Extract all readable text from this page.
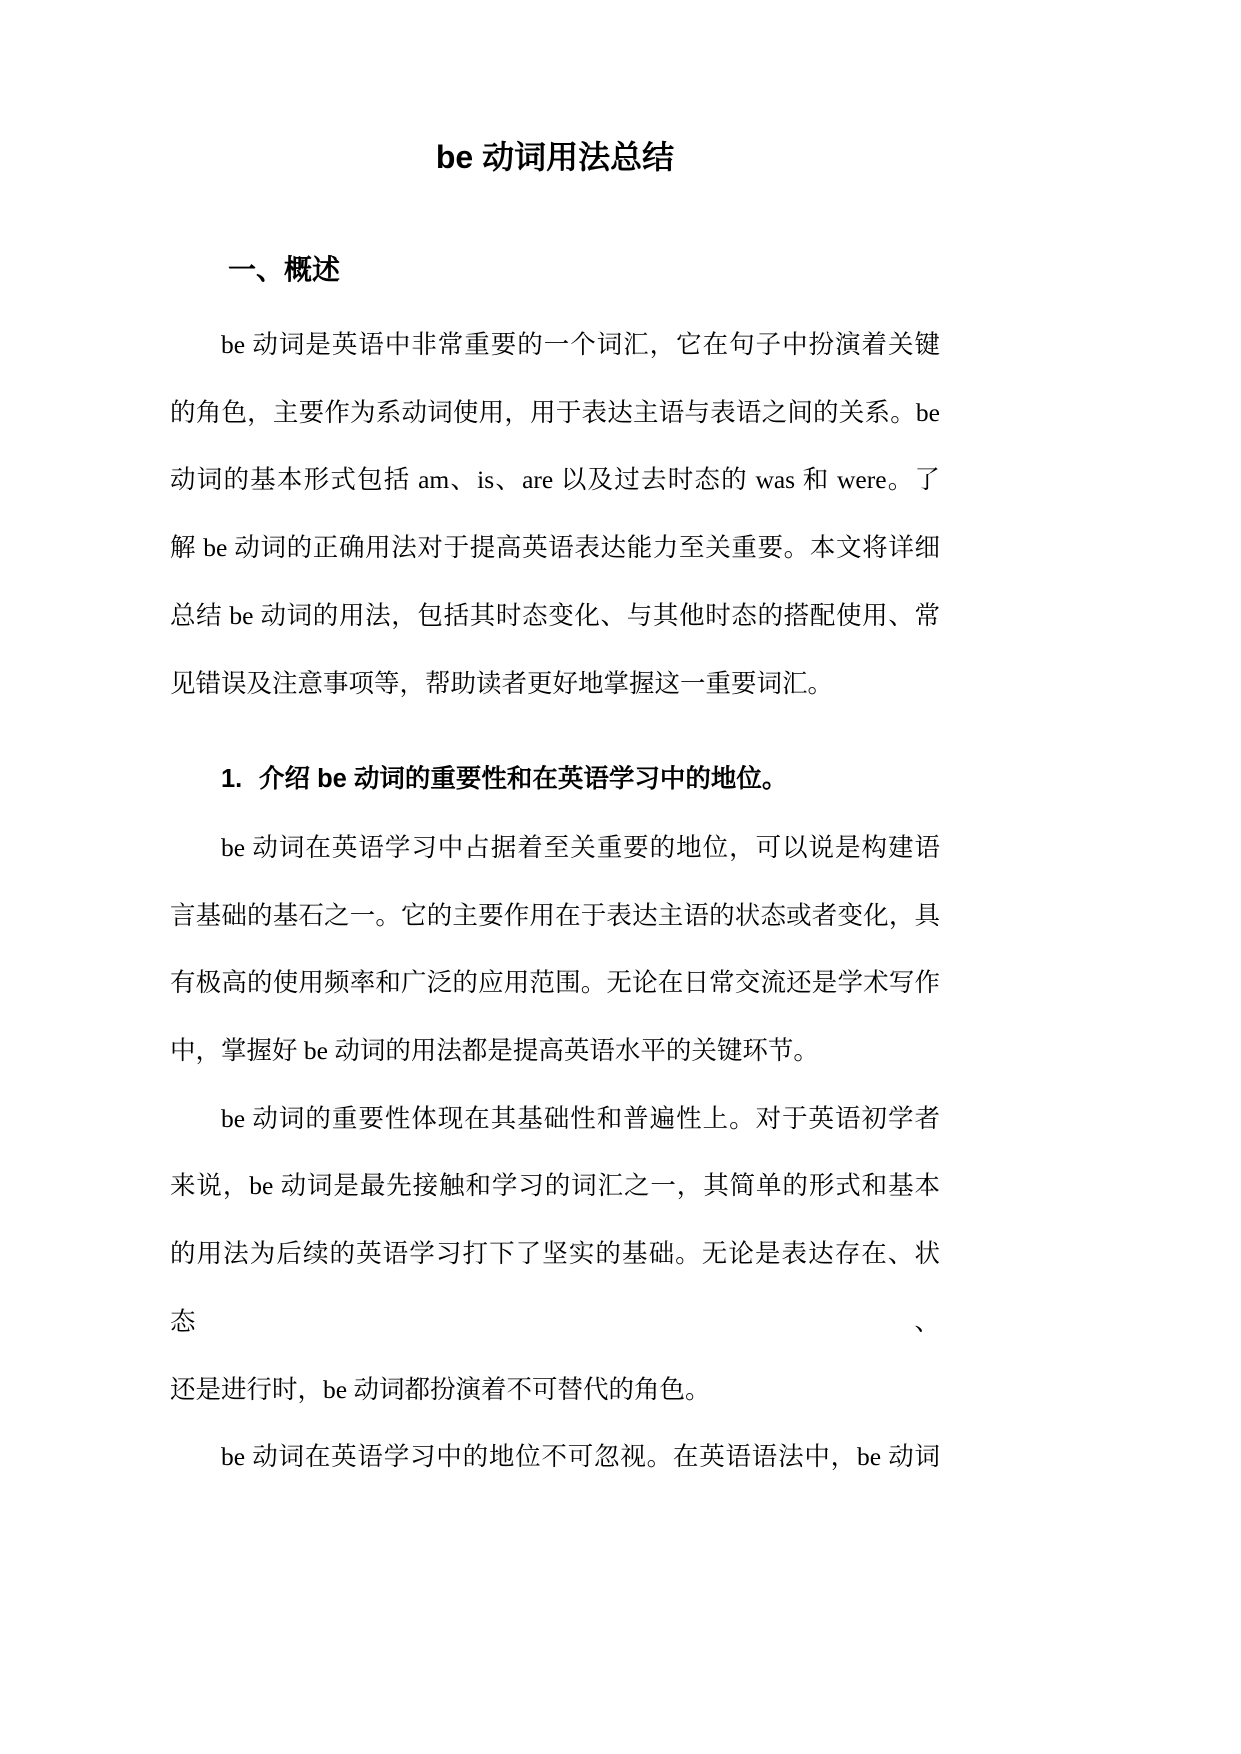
be 动词用法总结
一、概述
be 动词是英语中非常重要的一个词汇，它在句子中扮演着关键
的角色，主要作为系动词使用，用于表达主语与表语之间的关系。be
动词的基本形式包括 am、is、are 以及过去时态的 was 和 were。了
解 be 动词的正确用法对于提高英语表达能力至关重要。本文将详细
总结 be 动词的用法，包括其时态变化、与其他时态的搭配使用、常
见错误及注意事项等，帮助读者更好地掌握这一重要词汇。
1. 介绍 be 动词的重要性和在英语学习中的地位。
be 动词在英语学习中占据着至关重要的地位，可以说是构建语
言基础的基石之一。它的主要作用在于表达主语的状态或者变化，具
有极高的使用频率和广泛的应用范围。无论在日常交流还是学术写作
中，掌握好 be 动词的用法都是提高英语水平的关键环节。
be 动词的重要性体现在其基础性和普遍性上。对于英语初学者
来说，be 动词是最先接触和学习的词汇之一，其简单的形式和基本
的用法为后续的英语学习打下了坚实的基础。无论是表达存在、状态、
还是进行时，be 动词都扮演着不可替代的角色。
be 动词在英语学习中的地位不可忽视。在英语语法中，be 动词
